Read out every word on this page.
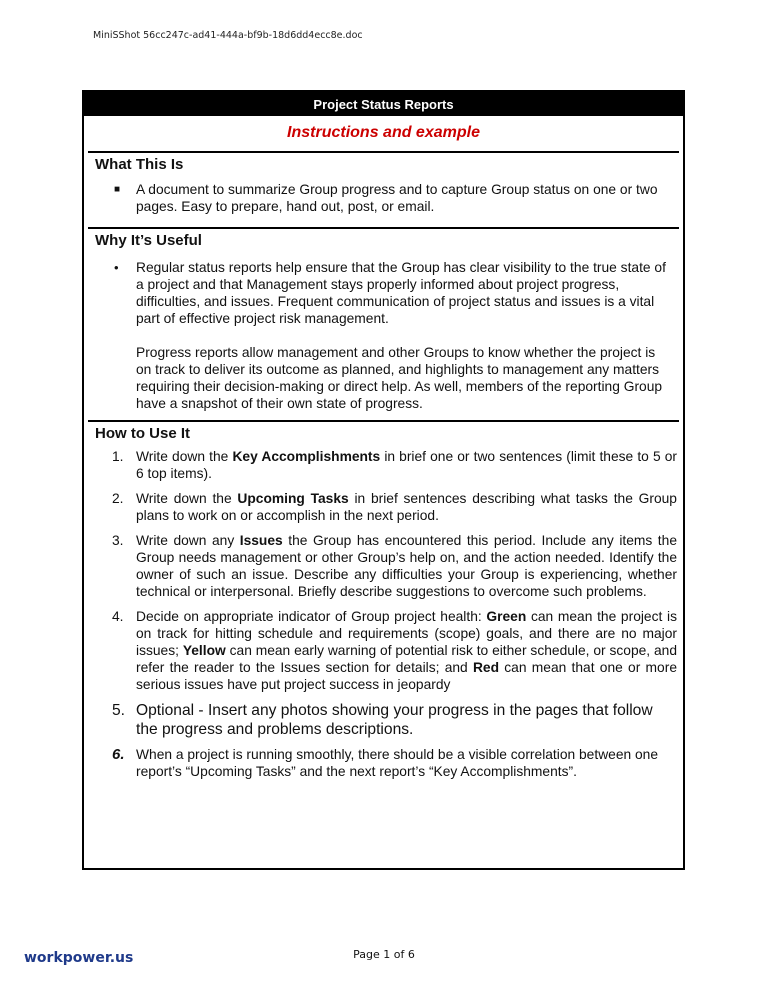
MiniSShot 56cc247c-ad41-444a-bf9b-18d6dd4ecc8e.doc
Project Status Reports
Instructions and example
What This Is
■	A document to summarize Group progress and to capture Group status on one or two pages. Easy to prepare, hand out, post, or email.
Why It’s Useful
•	Regular status reports help ensure that the Group has clear visibility to the true state of a project and that Management stays properly informed about project progress, difficulties, and issues. Frequent communication of project status and issues is a vital part of effective project risk management.
Progress reports allow management and other Groups to know whether the project is on track to deliver its outcome as planned, and highlights to management any matters requiring their decision-making or direct help. As well, members of the reporting Group have a snapshot of their own state of progress.
How to Use It
1. Write down the Key Accomplishments in brief one or two sentences (limit these to 5 or 6 top items).
2. Write down the Upcoming Tasks in brief sentences describing what tasks the Group plans to work on or accomplish in the next period.
3. Write down any Issues the Group has encountered this period. Include any items the Group needs management or other Group’s help on, and the action needed. Identify the owner of such an issue. Describe any difficulties your Group is experiencing, whether technical or interpersonal. Briefly describe suggestions to overcome such problems.
4. Decide on appropriate indicator of Group project health: Green can mean the project is on track for hitting schedule and requirements (scope) goals, and there are no major issues; Yellow can mean early warning of potential risk to either schedule, or scope, and refer the reader to the Issues section for details; and Red can mean that one or more serious issues have put project success in jeopardy
5. Optional - Insert any photos showing your progress in the pages that follow the progress and problems descriptions.
6. When a project is running smoothly, there should be a visible correlation between one report’s “Upcoming Tasks” and the next report’s “Key Accomplishments”.
workpower.us	Page 1 of 6
